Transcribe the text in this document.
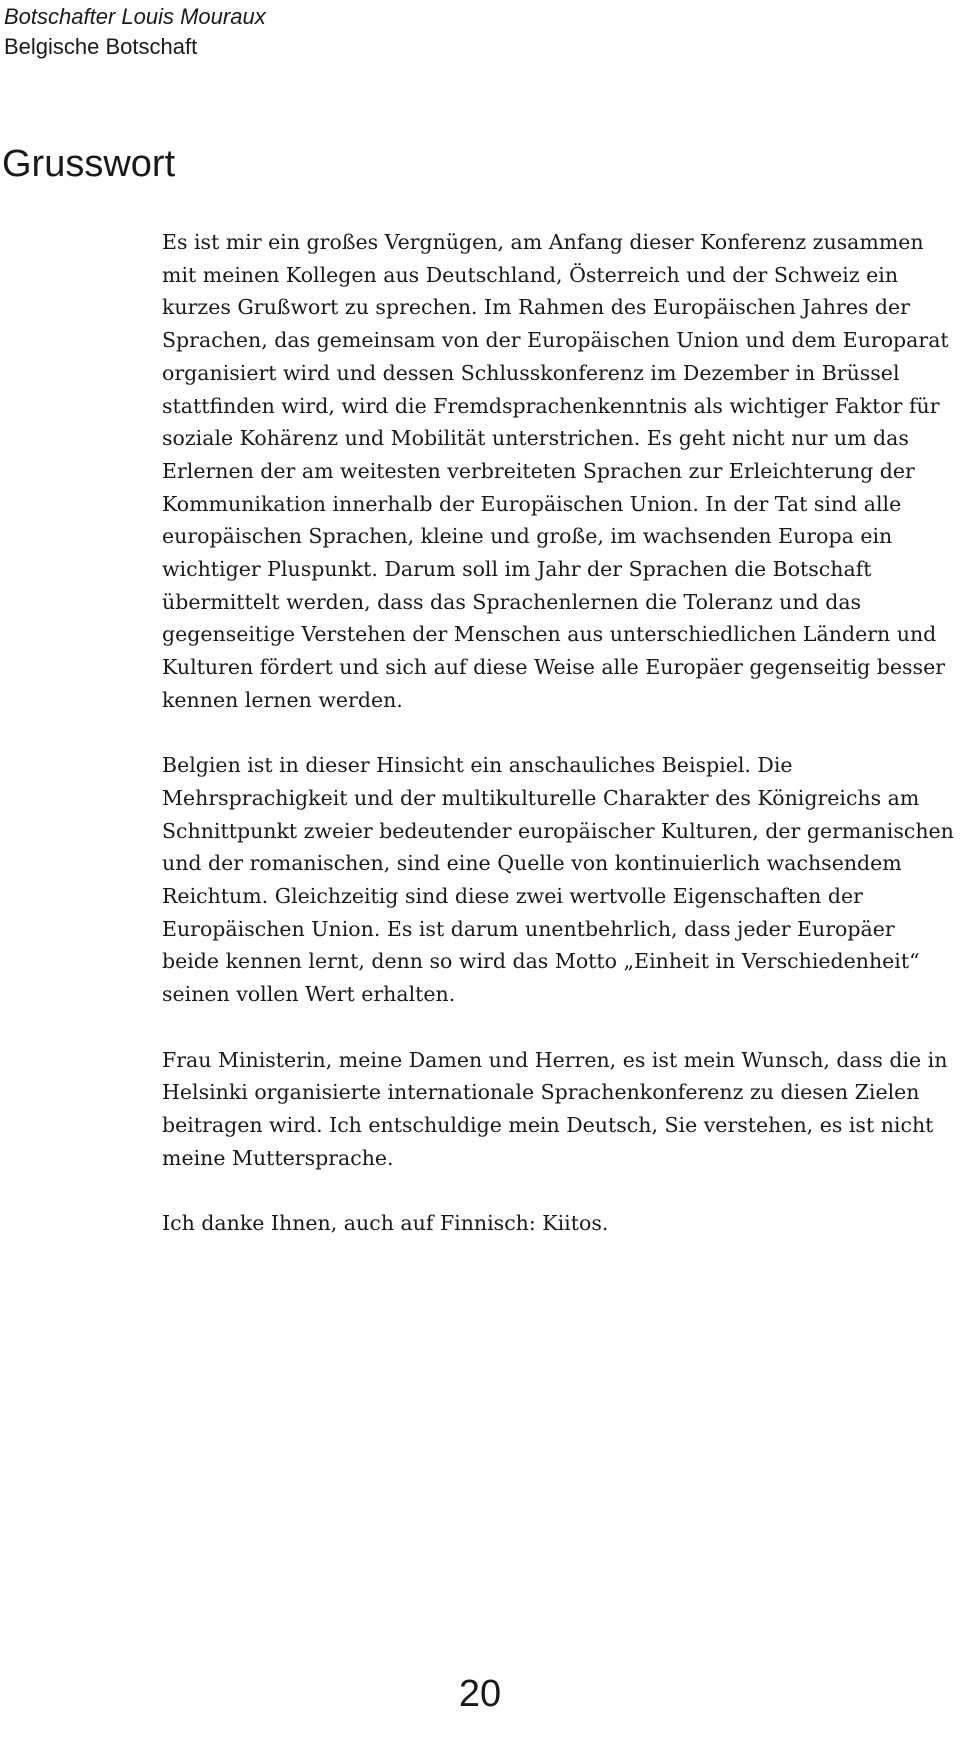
Botschafter Louis Mouraux
Belgische Botschaft
Grusswort

Es ist mir ein großes Vergnügen, am Anfang dieser Konferenz zusammen mit meinen Kollegen aus Deutschland, Österreich und der Schweiz ein kurzes Grußwort zu sprechen. Im Rahmen des Europäischen Jahres der Sprachen, das gemeinsam von der Europäischen Union und dem Europarat organisiert wird und dessen Schlusskonferenz im Dezember in Brüssel stattfinden wird, wird die Fremdsprachenkenntnis als wichtiger Faktor für soziale Kohärenz und Mobilität unterstrichen. Es geht nicht nur um das Erlernen der am weitesten verbreiteten Sprachen zur Erleichterung der Kommunikation innerhalb der Europäischen Union. In der Tat sind alle europäischen Sprachen, kleine und große, im wachsenden Europa ein wichtiger Pluspunkt. Darum soll im Jahr der Sprachen die Botschaft übermittelt werden, dass das Sprachenlernen die Toleranz und das gegenseitige Verstehen der Menschen aus unterschiedlichen Ländern und Kulturen fördert und sich auf diese Weise alle Europäer gegenseitig besser kennen lernen werden.

Belgien ist in dieser Hinsicht ein anschauliches Beispiel. Die Mehrsprachigkeit und der multikulturelle Charakter des Königreichs am Schnittpunkt zweier bedeutender europäischer Kulturen, der germanischen und der romanischen, sind eine Quelle von kontinuierlich wachsendem Reichtum. Gleichzeitig sind diese zwei wertvolle Eigenschaften der Europäischen Union. Es ist darum unentbehrlich, dass jeder Europäer beide kennen lernt, denn so wird das Motto „Einheit in Verschiedenheit“ seinen vollen Wert erhalten.

Frau Ministerin, meine Damen und Herren, es ist mein Wunsch, dass die in Helsinki organisierte internationale Sprachenkonferenz zu diesen Zielen beitragen wird. Ich entschuldige mein Deutsch, Sie verstehen, es ist nicht meine Muttersprache.

Ich danke Ihnen, auch auf Finnisch: Kiitos.

20
